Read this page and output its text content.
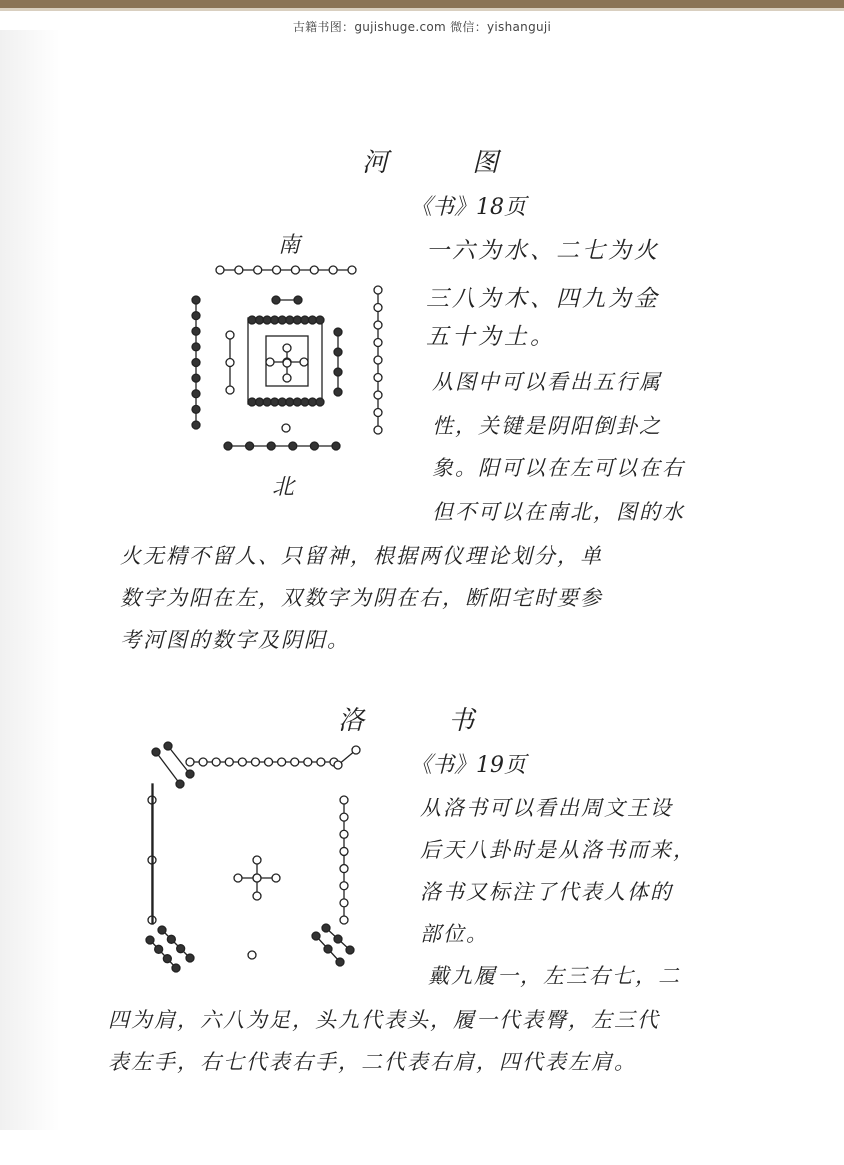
古籍书图：gujishuge.com 微信：yishanguji
河 图
《书》18页
南
北
一六为水、二七为火
三八为木、四九为金
五十为土。
从图中可以看出五行属
性，关键是阴阳倒卦之
象。阳可以在左可以在右
但不可以在南北，图的水
火无精不留人、只留神，根据两仪理论划分，单
数字为阳在左，双数字为阴在右，断阳宅时要参
考河图的数字及阴阳。
洛 书
《书》19页
从洛书可以看出周文王设
后天八卦时是从洛书而来，
洛书又标注了代表人体的
部位。
戴九履一，左三右七，二
四为肩，六八为足，头九代表头，履一代表臀，左三代
表左手，右七代表右手，二代表右肩，四代表左肩。
